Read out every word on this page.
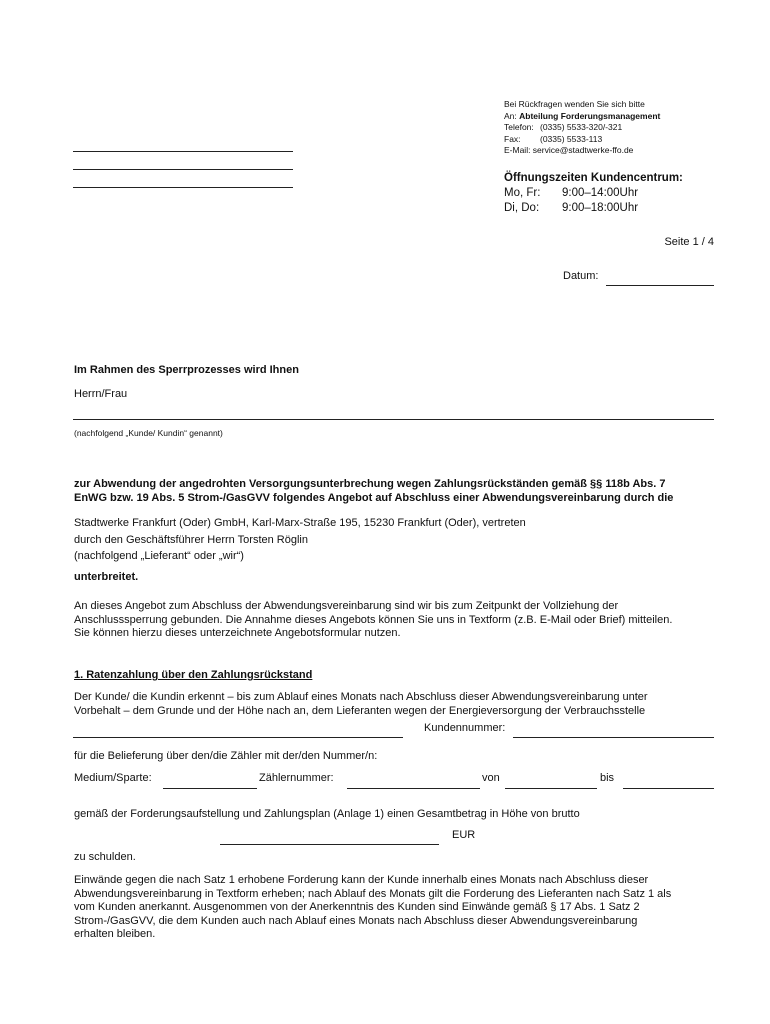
Bei Rückfragen wenden Sie sich bitte
An: Abteilung Forderungsmanagement
Telefon: (0335) 5533-320/-321
Fax: (0335) 5533-113
E-Mail: service@stadtwerke-ffo.de
Öffnungszeiten Kundencentrum:
Mo, Fr: 9:00–14:00Uhr
Di, Do: 9:00–18:00Uhr
Seite 1 / 4
Datum:
Im Rahmen des Sperrprozesses wird Ihnen
Herrn/Frau
(nachfolgend „Kunde/ Kundin“ genannt)
zur Abwendung der angedrohten Versorgungsunterbrechung wegen Zahlungsrückständen gemäß §§ 118b Abs. 7
EnWG bzw. 19 Abs. 5 Strom-/GasGVV folgendes Angebot auf Abschluss einer Abwendungsvereinbarung durch die
Stadtwerke Frankfurt (Oder) GmbH, Karl-Marx-Straße 195, 15230 Frankfurt (Oder), vertreten
durch den Geschäftsführer Herrn Torsten Röglin
(nachfolgend „Lieferant“ oder „wir“)
unterbreitet.
An dieses Angebot zum Abschluss der Abwendungsvereinbarung sind wir bis zum Zeitpunkt der Vollziehung der
Anschlusssperrung gebunden. Die Annahme dieses Angebots können Sie uns in Textform (z.B. E-Mail oder Brief) mitteilen.
Sie können hierzu dieses unterzeichnete Angebotsformular nutzen.
1. Ratenzahlung über den Zahlungsrückstand
Der Kunde/ die Kundin erkennt – bis zum Ablauf eines Monats nach Abschluss dieser Abwendungsvereinbarung unter
Vorbehalt – dem Grunde und der Höhe nach an, dem Lieferanten wegen der Energieversorgung der Verbrauchsstelle
Kundennummer:
für die Belieferung über den/die Zähler mit der/den Nummer/n:
Medium/Sparte:	Zählernummer:	von	bis
gemäß der Forderungsaufstellung und Zahlungsplan (Anlage 1) einen Gesamtbetrag in Höhe von brutto
EUR
zu schulden.
Einwände gegen die nach Satz 1 erhobene Forderung kann der Kunde innerhalb eines Monats nach Abschluss dieser
Abwendungsvereinbarung in Textform erheben; nach Ablauf des Monats gilt die Forderung des Lieferanten nach Satz 1 als
vom Kunden anerkannt. Ausgenommen von der Anerkenntnis des Kunden sind Einwände gemäß § 17 Abs. 1 Satz 2
Strom-/GasGVV, die dem Kunden auch nach Ablauf eines Monats nach Abschluss dieser Abwendungsvereinbarung
erhalten bleiben.
